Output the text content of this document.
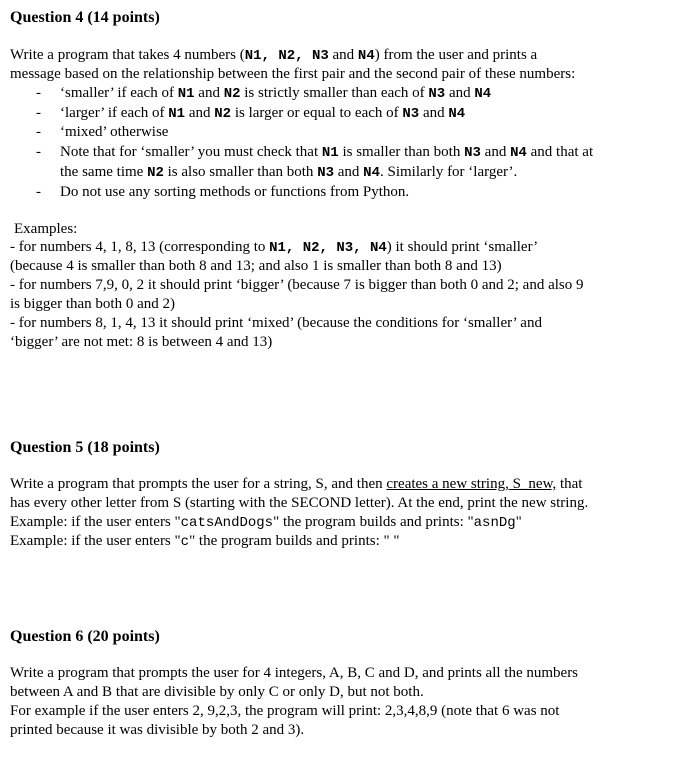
Question 4 (14 points)
Write a program that takes 4 numbers (N1, N2, N3 and N4) from the user and prints a
message based on the relationship between the first pair and the second pair of these numbers:
- ‘smaller’ if each of N1 and N2 is strictly smaller than each of N3 and N4
- ‘larger’ if each of N1 and N2 is larger or equal to each of N3 and N4
- ‘mixed’ otherwise
- Note that for ‘smaller’ you must check that N1 is smaller than both N3 and N4 and that at
the same time N2 is also smaller than both N3 and N4. Similarly for ‘larger’.
- Do not use any sorting methods or functions from Python.
Examples:
- for numbers 4, 1, 8, 13 (corresponding to N1, N2, N3, N4) it should print ‘smaller’
(because 4 is smaller than both 8 and 13; and also 1 is smaller than both 8 and 13)
- for numbers 7,9, 0, 2 it should print ‘bigger’ (because 7 is bigger than both 0 and 2; and also 9
is bigger than both 0 and 2)
- for numbers 8, 1, 4, 13 it should print ‘mixed’ (because the conditions for ‘smaller’ and
‘bigger’ are not met: 8 is between 4 and 13)
Question 5 (18 points)
Write a program that prompts the user for a string, S, and then creates a new string, S_new, that
has every other letter from S (starting with the SECOND letter). At the end, print the new string.
Example: if the user enters "catsAndDogs" the program builds and prints: "asnDg"
Example: if the user enters "c" the program builds and prints: " "
Question 6 (20 points)
Write a program that prompts the user for 4 integers, A, B, C and D, and prints all the numbers
between A and B that are divisible by only C or only D, but not both.
For example if the user enters 2, 9,2,3, the program will print: 2,3,4,8,9 (note that 6 was not
printed because it was divisible by both 2 and 3).
